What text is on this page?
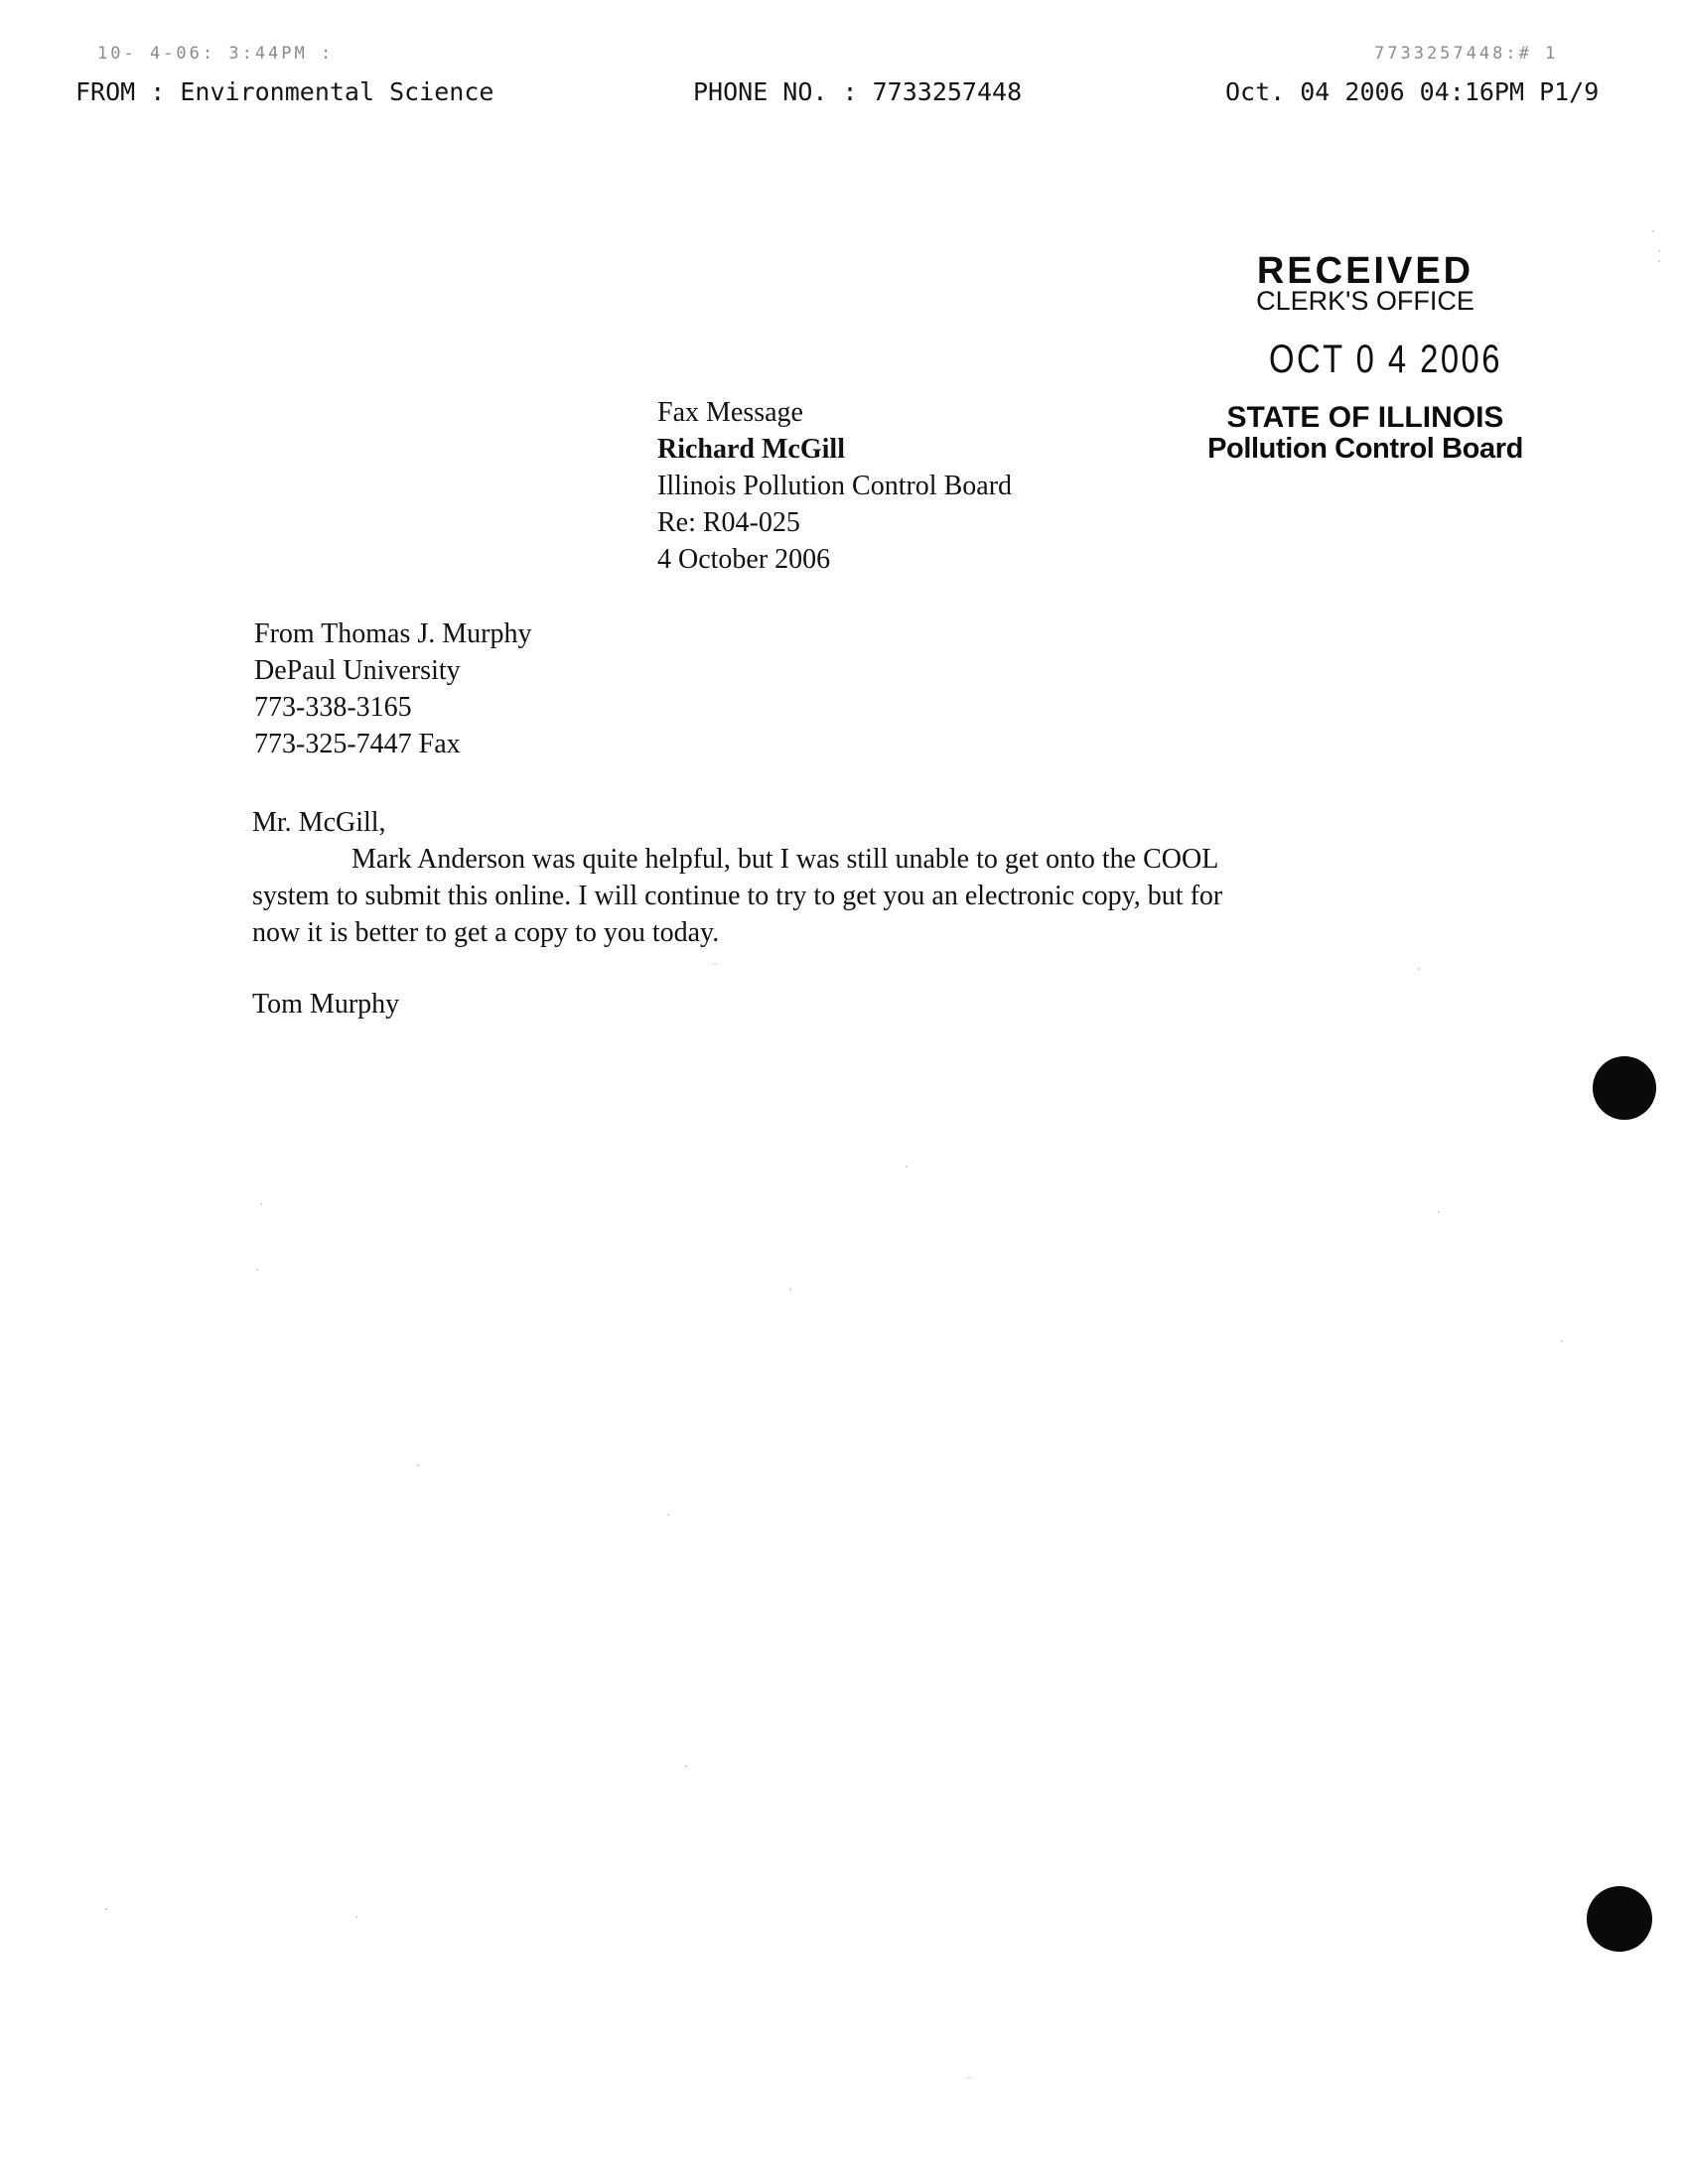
10- 4-06: 3:44PM :	7733257448:# 1
FROM : Environmental Science	PHONE NO. : 7733257448	Oct. 04 2006 04:16PM P1/9
RECEIVED
CLERK'S OFFICE
OCT 0 4 2006
STATE OF ILLINOIS
Pollution Control Board
Fax Message
Richard McGill
Illinois Pollution Control Board
Re: R04-025
4 October 2006
From Thomas J. Murphy
DePaul University
773-338-3165
773-325-7447 Fax
Mr. McGill,
Mark Anderson was quite helpful, but I was still unable to get onto the COOL
system to submit this online. I will continue to try to get you an electronic copy, but for
now it is better to get a copy to you today.
Tom Murphy
